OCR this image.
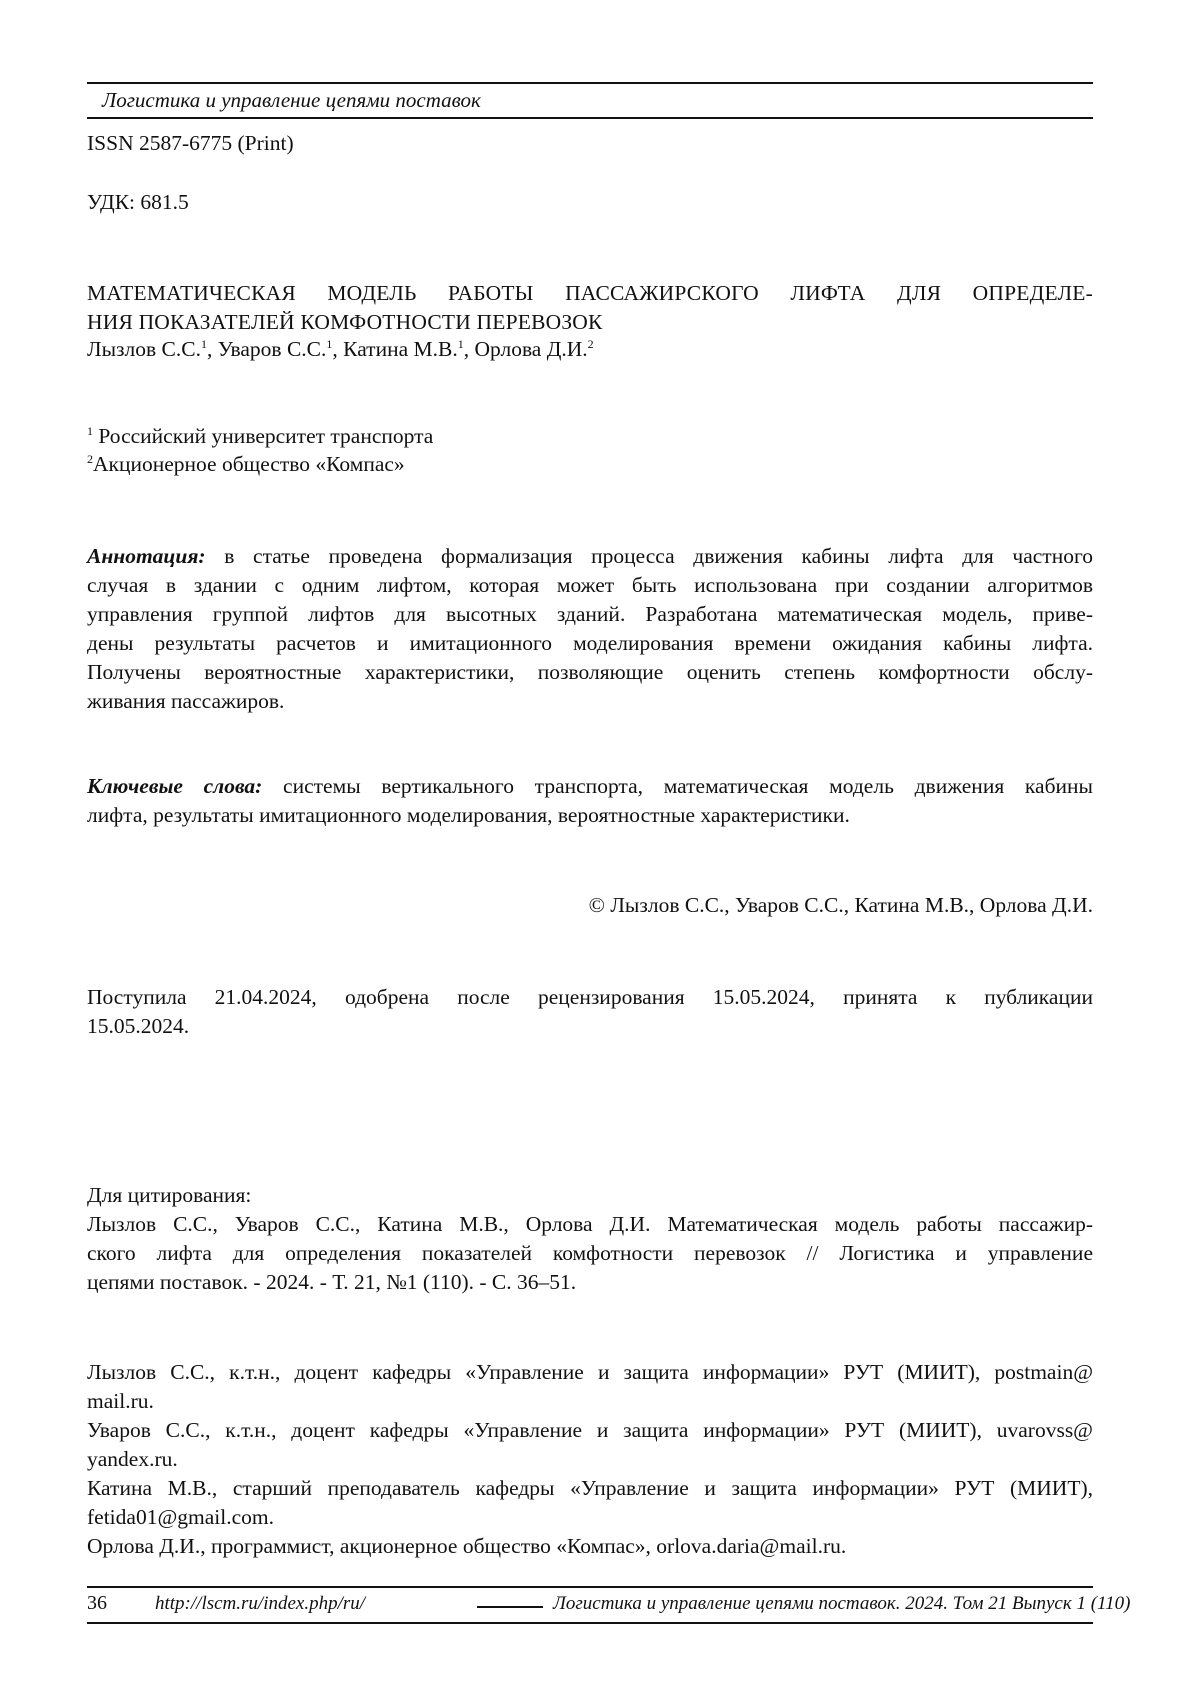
Логистика и управление цепями поставок
ISSN 2587-6775 (Print)
УДК: 681.5
МАТЕМАТИЧЕСКАЯ МОДЕЛЬ РАБОТЫ ПАССАЖИРСКОГО ЛИФТА ДЛЯ ОПРЕДЕЛЕ-
НИЯ ПОКАЗАТЕЛЕЙ КОМФОТНОСТИ ПЕРЕВОЗОК
Лызлов С.С.$^1$, Уваров С.С.$^1$, Катина М.В.$^1$, Орлова Д.И.$^2$
$^1$ Российский университет транспорта
$^2$Акционерное общество «Компас»
Аннотация: в статье проведена формализация процесса движения кабины лифта для частного
случая в здании с одним лифтом, которая может быть использована при создании алгоритмов
управления группой лифтов для высотных зданий. Разработана математическая модель, приве-
дены результаты расчетов и имитационного моделирования времени ожидания кабины лифта.
Получены вероятностные характеристики, позволяющие оценить степень комфортности обслу-
живания пассажиров.
Ключевые слова: системы вертикального транспорта, математическая модель движения кабины
лифта, результаты имитационного моделирования, вероятностные характеристики.
© Лызлов С.С., Уваров С.С., Катина М.В., Орлова Д.И.
Поступила 21.04.2024, одобрена после рецензирования 15.05.2024, принята к публикации
15.05.2024.
Для цитирования:
Лызлов С.С., Уваров С.С., Катина М.В., Орлова Д.И. Математическая модель работы пассажир-
ского лифта для определения показателей комфотности перевозок // Логистика и управление
цепями поставок. - 2024. - Т. 21, №1 (110). - С. 36–51.
Лызлов С.С., к.т.н., доцент кафедры «Управление и защита информации» РУТ (МИИТ), postmain@
mail.ru.
Уваров С.С., к.т.н., доцент кафедры «Управление и защита информации» РУТ (МИИТ), uvarovss@
yandex.ru.
Катина М.В., старший преподаватель кафедры «Управление и защита информации» РУТ (МИИТ),
fetida01@gmail.com.
Орлова Д.И., программист, акционерное общество «Компас», orlova.daria@mail.ru.
36	http://lscm.ru/index.php/ru/	Логистика и управление цепями поставок. 2024. Том 21 Выпуск 1 (110)
